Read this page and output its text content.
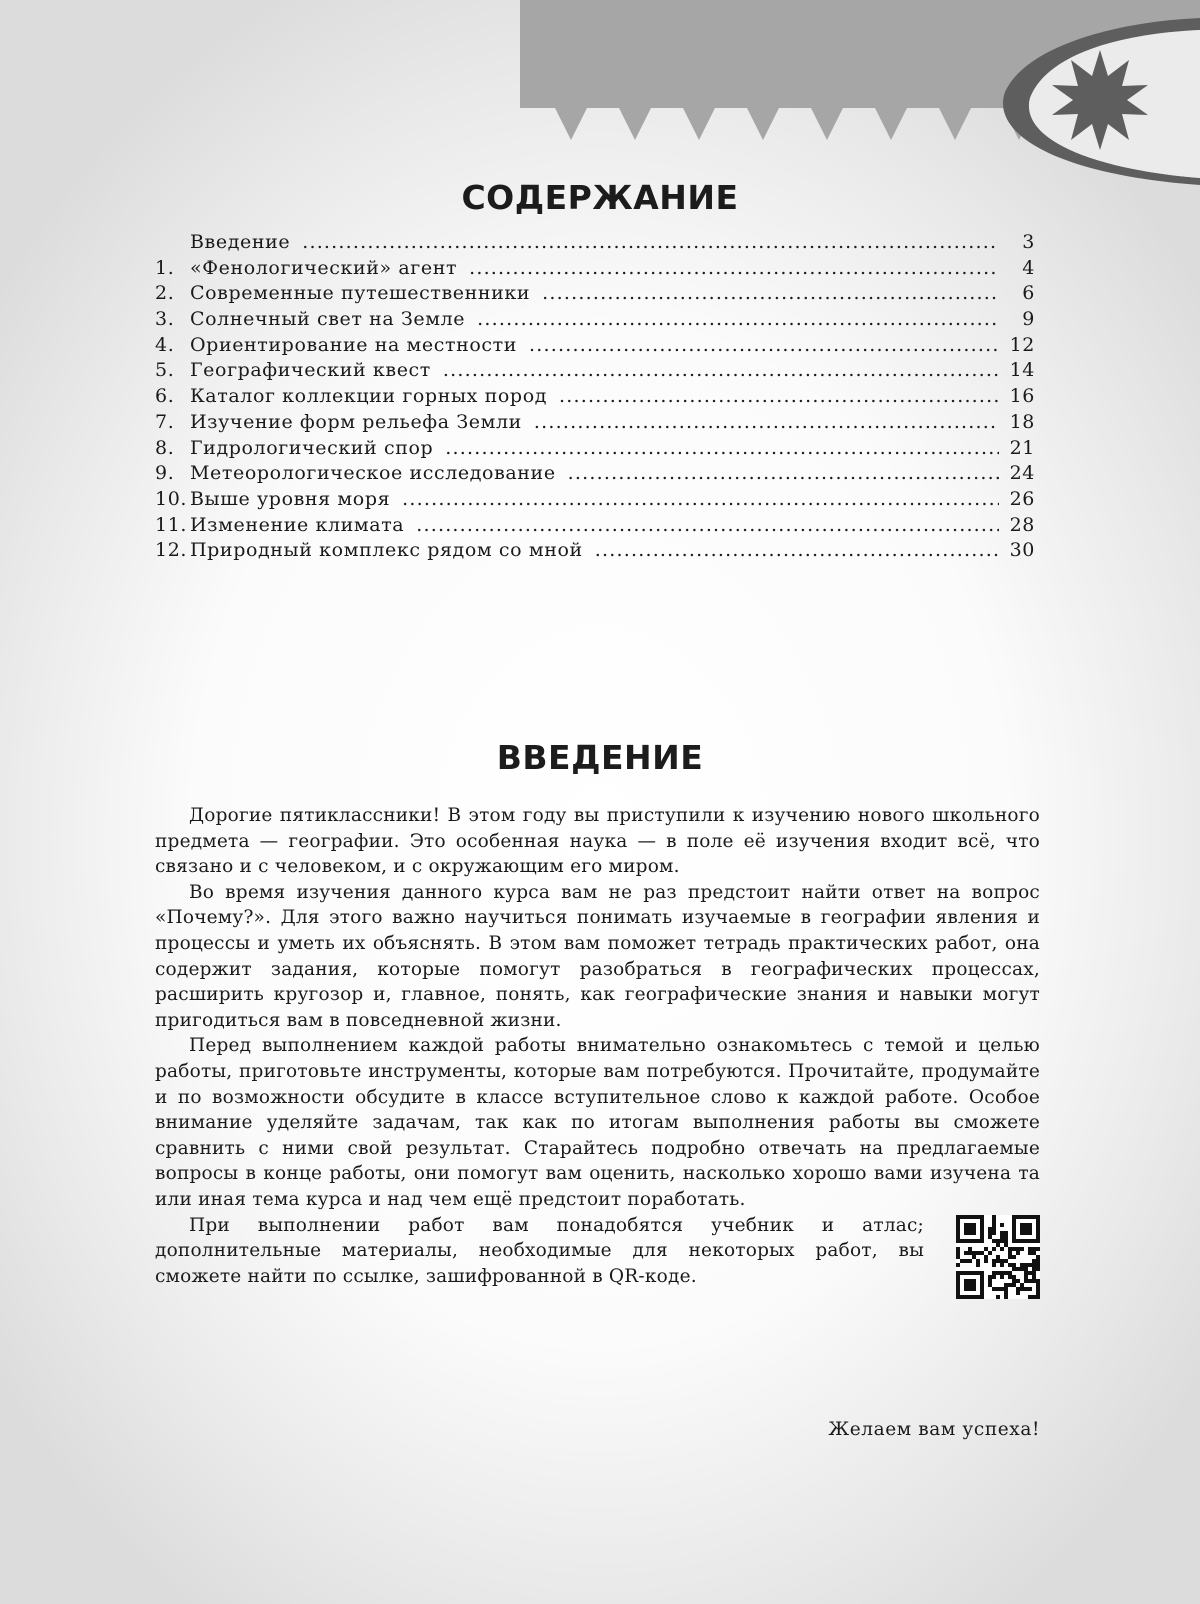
СОДЕРЖАНИЕ
Введение .....	3
1. «Фенологический» агент .....	4
2. Современные путешественники .....	6
3. Солнечный свет на Земле .....	9
4. Ориентирование на местности .....	12
5. Географический квест .....	14
6. Каталог коллекции горных пород .....	16
7. Изучение форм рельефа Земли .....	18
8. Гидрологический спор .....	21
9. Метеорологическое исследование .....	24
10. Выше уровня моря .....	26
11. Изменение климата .....	28
12. Природный комплекс рядом со мной .....	30
ВВЕДЕНИЕ

Дорогие пятиклассники! В этом году вы приступили к изучению нового школьного предмета — географии. Это особенная наука — в поле её изучения входит всё, что связано и с человеком, и с окружающим его миром.

Во время изучения данного курса вам не раз предстоит найти ответ на вопрос «Почему?». Для этого важно научиться понимать изучаемые в географии явления и процессы и уметь их объяснять. В этом вам поможет тетрадь практических работ, она содержит задания, которые помогут разобраться в географических процессах, расширить кругозор и, главное, понять, как географические знания и навыки могут пригодиться вам в повседневной жизни.

Перед выполнением каждой работы внимательно ознакомьтесь с темой и целью работы, приготовьте инструменты, которые вам потребуются. Прочитайте, продумайте и по возможности обсудите в классе вступительное слово к каждой работе. Особое внимание уделяйте задачам, так как по итогам выполнения работы вы сможете сравнить с ними свой результат. Старайтесь подробно отвечать на предлагаемые вопросы в конце работы, они помогут вам оценить, насколько хорошо вами изучена та или иная тема курса и над чем ещё предстоит поработать.

При выполнении работ вам понадобятся учебник и атлас; дополнительные материалы, необходимые для некоторых работ, вы сможете найти по ссылке, зашифрованной в QR-коде.

Желаем вам успеха!
